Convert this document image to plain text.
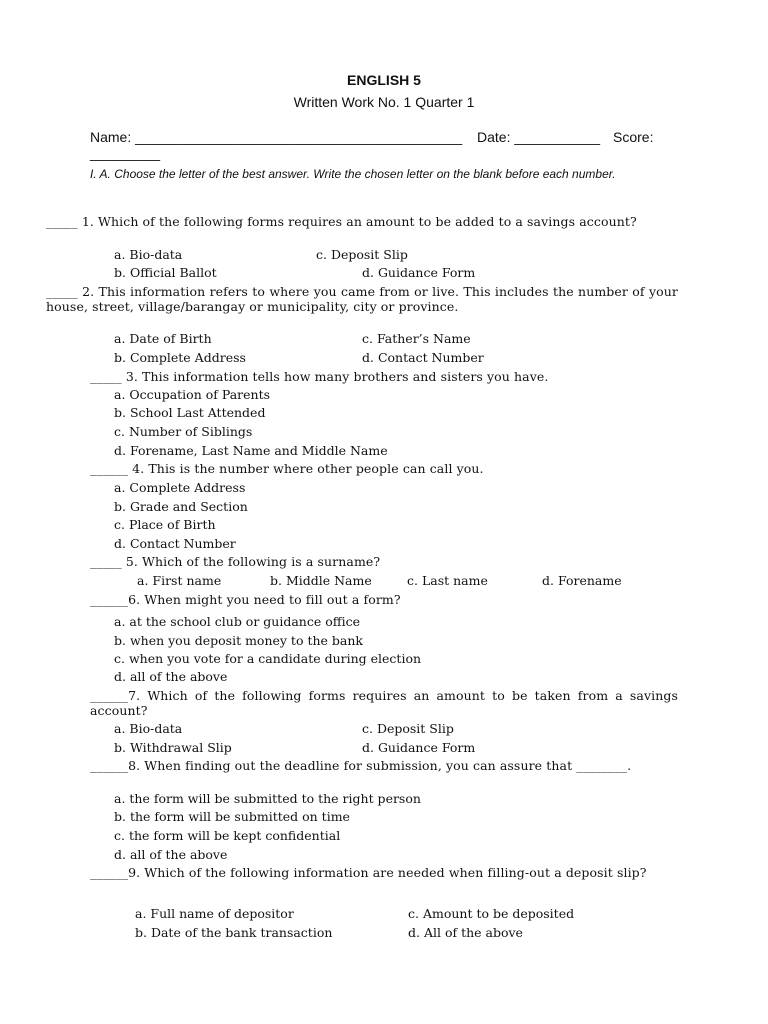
ENGLISH 5
Written Work No. 1 Quarter 1
Name: __________________________________________ Date: ___________ Score:
_________
I. A. Choose the letter of the best answer. Write the chosen letter on the blank before each number.
_____ 1. Which of the following forms requires an amount to be added to a savings account?
a. Bio-data	c. Deposit Slip
b. Official Ballot	d. Guidance Form
_____ 2. This information refers to where you came from or live. This includes the number of your house, street, village/barangay or municipality, city or province.
a. Date of Birth	c. Father’s Name
b. Complete Address	d. Contact Number
_____ 3. This information tells how many brothers and sisters you have.
a. Occupation of Parents
b. School Last Attended
c. Number of Siblings
d. Forename, Last Name and Middle Name
______ 4. This is the number where other people can call you.
a. Complete Address
b. Grade and Section
c. Place of Birth
d. Contact Number
_____ 5. Which of the following is a surname?
a. First name	b. Middle Name	c. Last name	d. Forename
______6. When might you need to fill out a form?
a. at the school club or guidance office
b. when you deposit money to the bank
c. when you vote for a candidate during election
d. all of the above
______7. Which of the following forms requires an amount to be taken from a savings account?
a. Bio-data	c. Deposit Slip
b. Withdrawal Slip	d. Guidance Form
______8. When finding out the deadline for submission, you can assure that ________.
a. the form will be submitted to the right person
b. the form will be submitted on time
c. the form will be kept confidential
d. all of the above
______9. Which of the following information are needed when filling-out a deposit slip?
a. Full name of depositor	c. Amount to be deposited
b. Date of the bank transaction	d. All of the above
